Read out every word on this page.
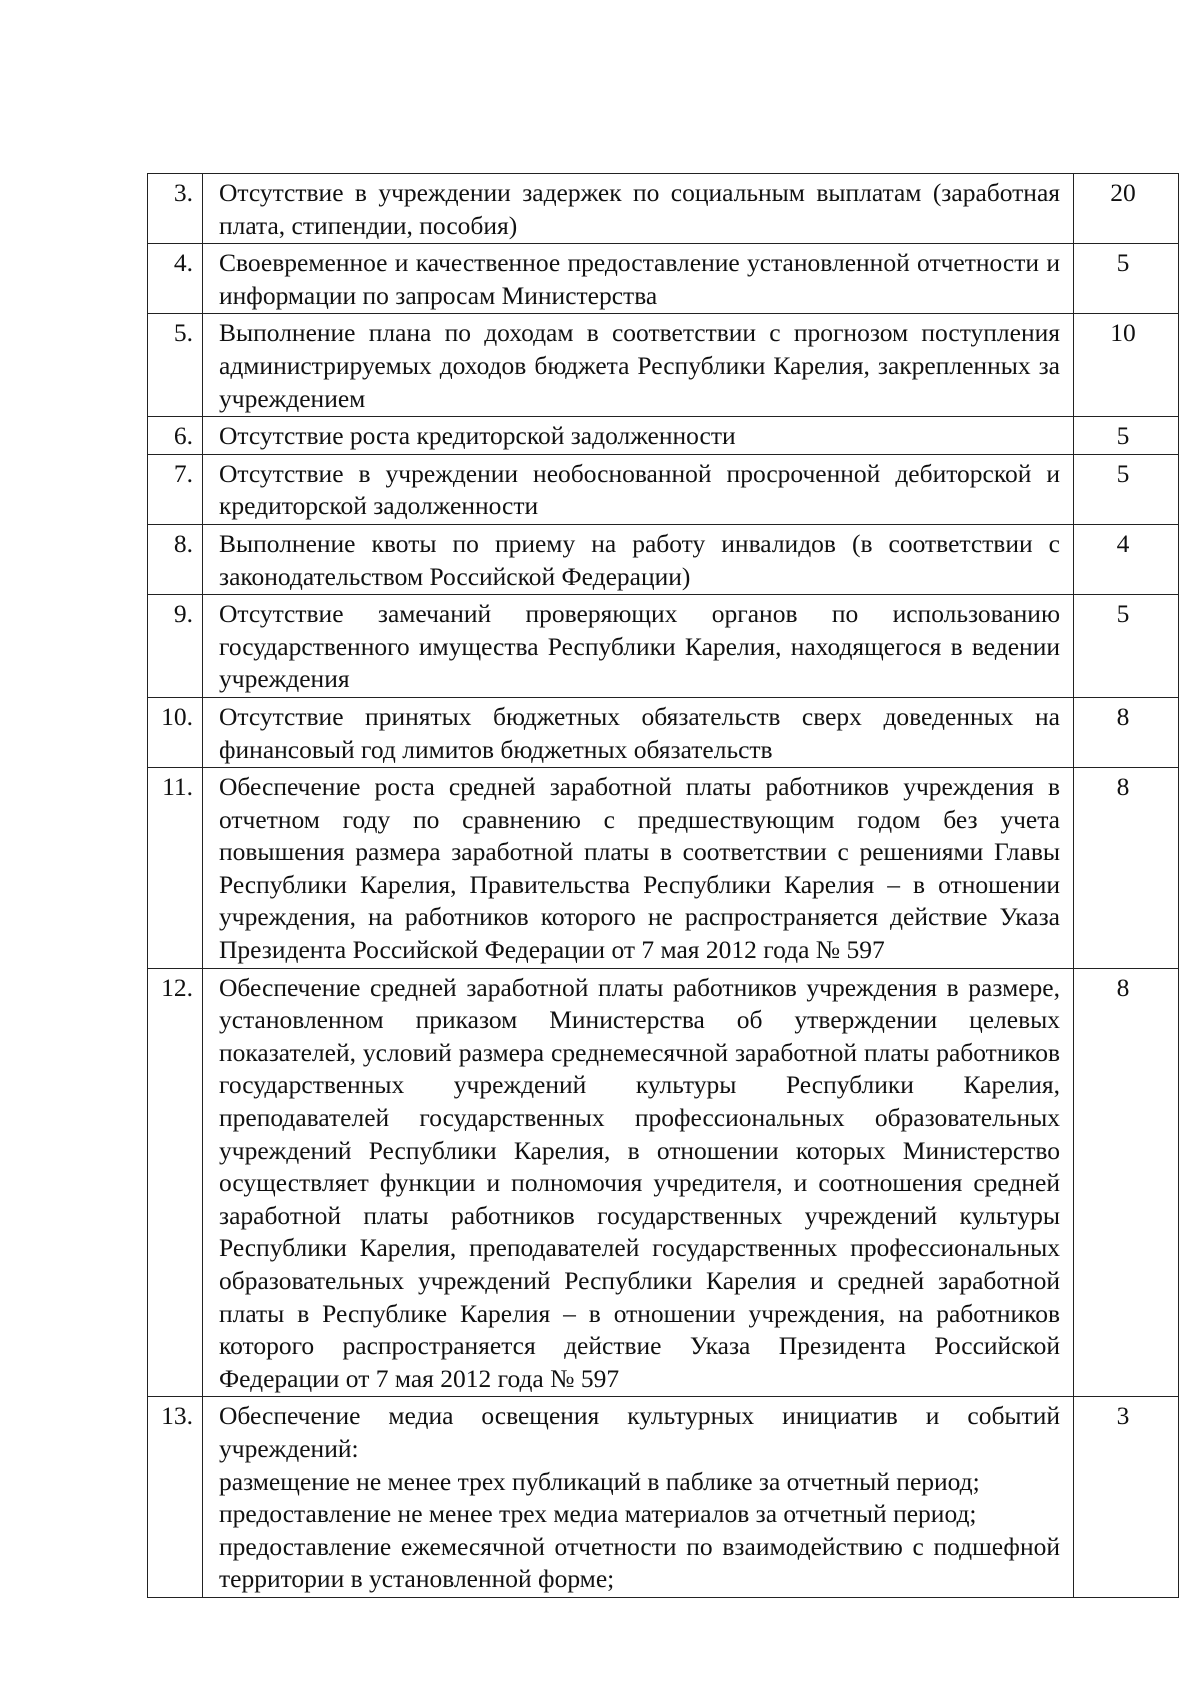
3.	Отсутствие в учреждении задержек по социальным выплатам (заработная плата, стипендии, пособия)	20
4.	Своевременное и качественное предоставление установленной отчетности и информации по запросам Министерства	5
5.	Выполнение плана по доходам в соответствии с прогнозом поступления администрируемых доходов бюджета Республики Карелия, закрепленных за учреждением	10
6.	Отсутствие роста кредиторской задолженности	5
7.	Отсутствие в учреждении необоснованной просроченной дебиторской и кредиторской задолженности	5
8.	Выполнение квоты по приему на работу инвалидов (в соответствии с законодательством Российской Федерации)	4
9.	Отсутствие замечаний проверяющих органов по использованию государственного имущества Республики Карелия, находящегося в ведении учреждения	5
10.	Отсутствие принятых бюджетных обязательств сверх доведенных на финансовый год лимитов бюджетных обязательств	8
11.	Обеспечение роста средней заработной платы работников учреждения в отчетном году по сравнению с предшествующим годом без учета повышения размера заработной платы в соответствии с решениями Главы Республики Карелия, Правительства Республики Карелия – в отношении учреждения, на работников которого не распространяется действие Указа Президента Российской Федерации от 7 мая 2012 года № 597	8
12.	Обеспечение средней заработной платы работников учреждения в размере, установленном приказом Министерства об утверждении целевых показателей, условий размера среднемесячной заработной платы работников государственных учреждений культуры Республики Карелия, преподавателей государственных профессиональных образовательных учреждений Республики Карелия, в отношении которых Министерство осуществляет функции и полномочия учредителя, и соотношения средней заработной платы работников государственных учреждений культуры Республики Карелия, преподавателей государственных профессиональных образовательных учреждений Республики Карелия и средней заработной платы в Республике Карелия – в отношении учреждения, на работников которого распространяется действие Указа Президента Российской Федерации от 7 мая 2012 года № 597	8
13.	Обеспечение медиа освещения культурных инициатив и событий учреждений:
размещение не менее трех публикаций в паблике за отчетный период;
предоставление не менее трех медиа материалов за отчетный период;
предоставление ежемесячной отчетности по взаимодействию с подшефной территории в установленной форме;	3
